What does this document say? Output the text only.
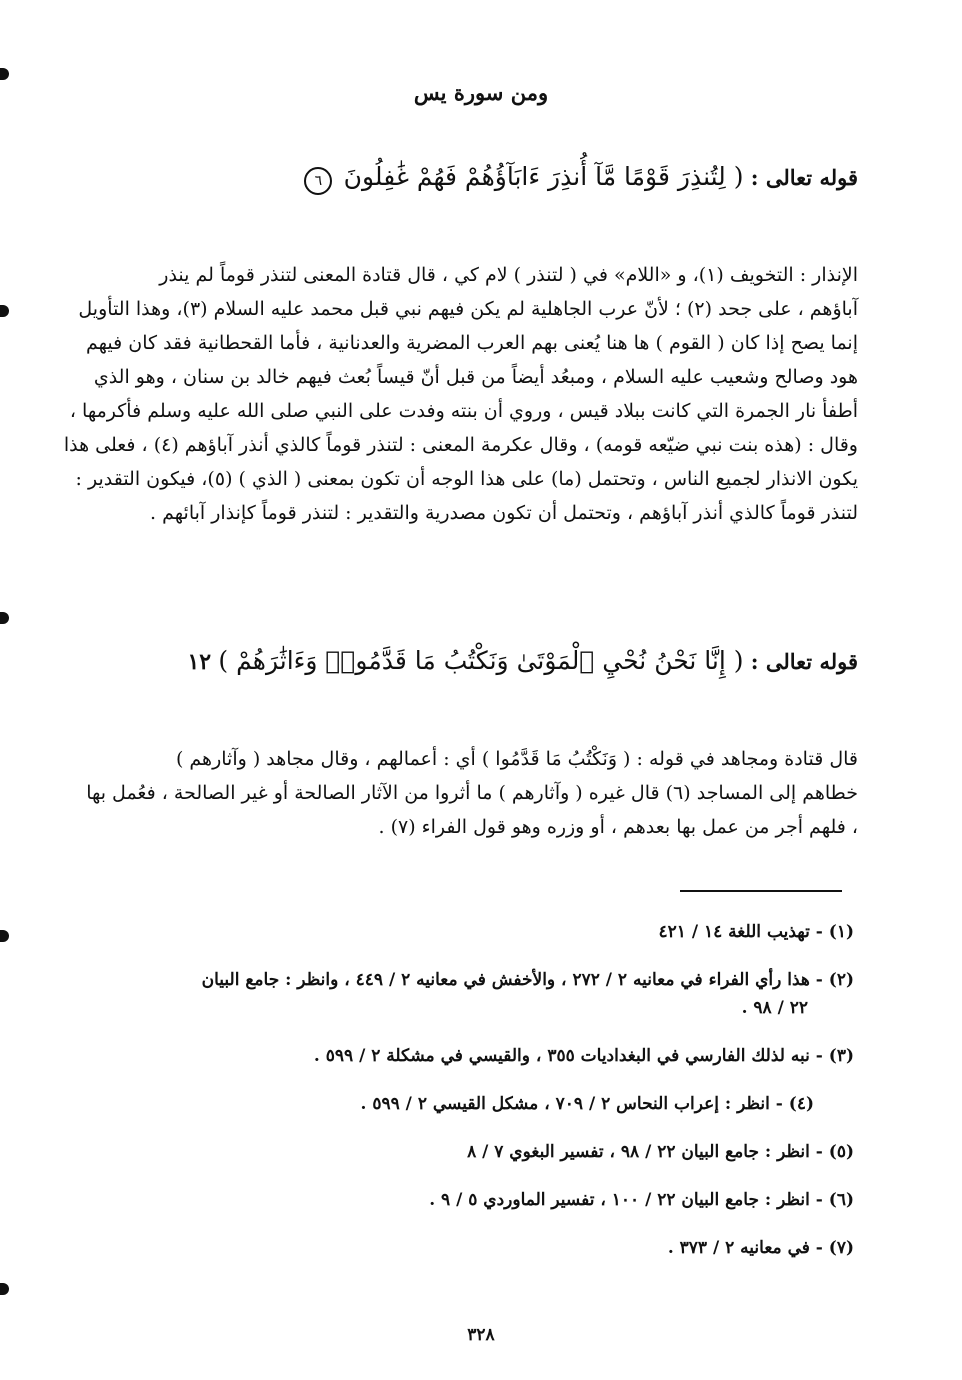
ومن سورة يس
قوله تعالى : ( لِتُنذِرَ قَوْمًا مَّآ أُنذِرَ ءَابَآؤُهُمْ فَهُمْ غَٰفِلُونَ ٦

الإنذار : التخويف (١)، و «اللام» في ( لتنذر ) لام كي ، قال قتادة المعنى لتنذر قوماً لم ينذر

آباؤهم ، على جحد (٢) ؛ لأنّ عرب الجاهلية لم يكن فيهم نبي قبل محمد عليه السلام (٣)، وهذا التأويل

إنما يصح إذا كان ( القوم ) ها هنا يُعنى بهم العرب المضرية والعدنانية ، فأما القحطانية فقد كان فيهم

هود وصالح وشعيب عليه السلام ، ومبعُد أيضاً من قبل أنّ قيساً بُعث فيهم خالد بن سنان ، وهو الذي

أطفأ نار الجمرة التي كانت ببلاد قيس ، وروي أن بنته وفدت على النبي صلى الله عليه وسلم فأكرمها ،

وقال : (هذه بنت نبي ضيّعه قومه) ، وقال عكرمة المعنى : لتنذر قوماً كالذي أنذر آباؤهم (٤) ، فعلى هذا

يكون الانذار لجميع الناس ، وتحتمل (ما) على هذا الوجه أن تكون بمعنى ( الذي ) (٥)، فيكون التقدير :

لتنذر قوماً كالذي أنذر آباؤهم ، وتحتمل أن تكون مصدرية والتقدير : لتنذر قوماً كإنذار آبائهم .

قوله تعالى : ( إِنَّا نَحْنُ نُحْيِ ٱلْمَوْتَىٰ وَنَكْتُبُ مَا قَدَّمُوا۟ وَءَاثَٰرَهُمْ ) ١٢

قال قتادة ومجاهد في قوله : ( وَنَكْتُبُ مَا قَدَّمُوا ) أي : أعمالهم ، وقال مجاهد ( وآثارهم )

خطاهم إلى المساجد (٦) قال غيره ( وآثارهم ) ما أثروا من الآثار الصالحة أو غير الصالحة ، فعُمل بها

، فلهم أجر من عمل بها بعدهم ، أو وزره وهو قول الفراء (٧) .

(١) - تهذيب اللغة ١٤ / ٤٢١
(٢) - هذا رأي الفراء في معانيه ٢ / ٢٧٢ ، والأخفش في معانيه ٢ / ٤٤٩ ، وانظر : جامع البيان
٢٢ / ٩٨ .
(٣) - نبه لذلك الفارسي في البغداديات ٣٥٥ ، والقيسي في مشكلة ٢ / ٥٩٩ .
(٤) - انظر : إعراب النحاس ٢ / ٧٠٩ ، مشكل القيسي ٢ / ٥٩٩ .
(٥) - انظر : جامع البيان ٢٢ / ٩٨ ، تفسير البغوي ٧ / ٨
(٦) - انظر : جامع البيان ٢٢ / ١٠٠ ، تفسير الماوردي ٥ / ٩ .
(٧) - في معانيه ٢ / ٣٧٣ .
٣٢٨
